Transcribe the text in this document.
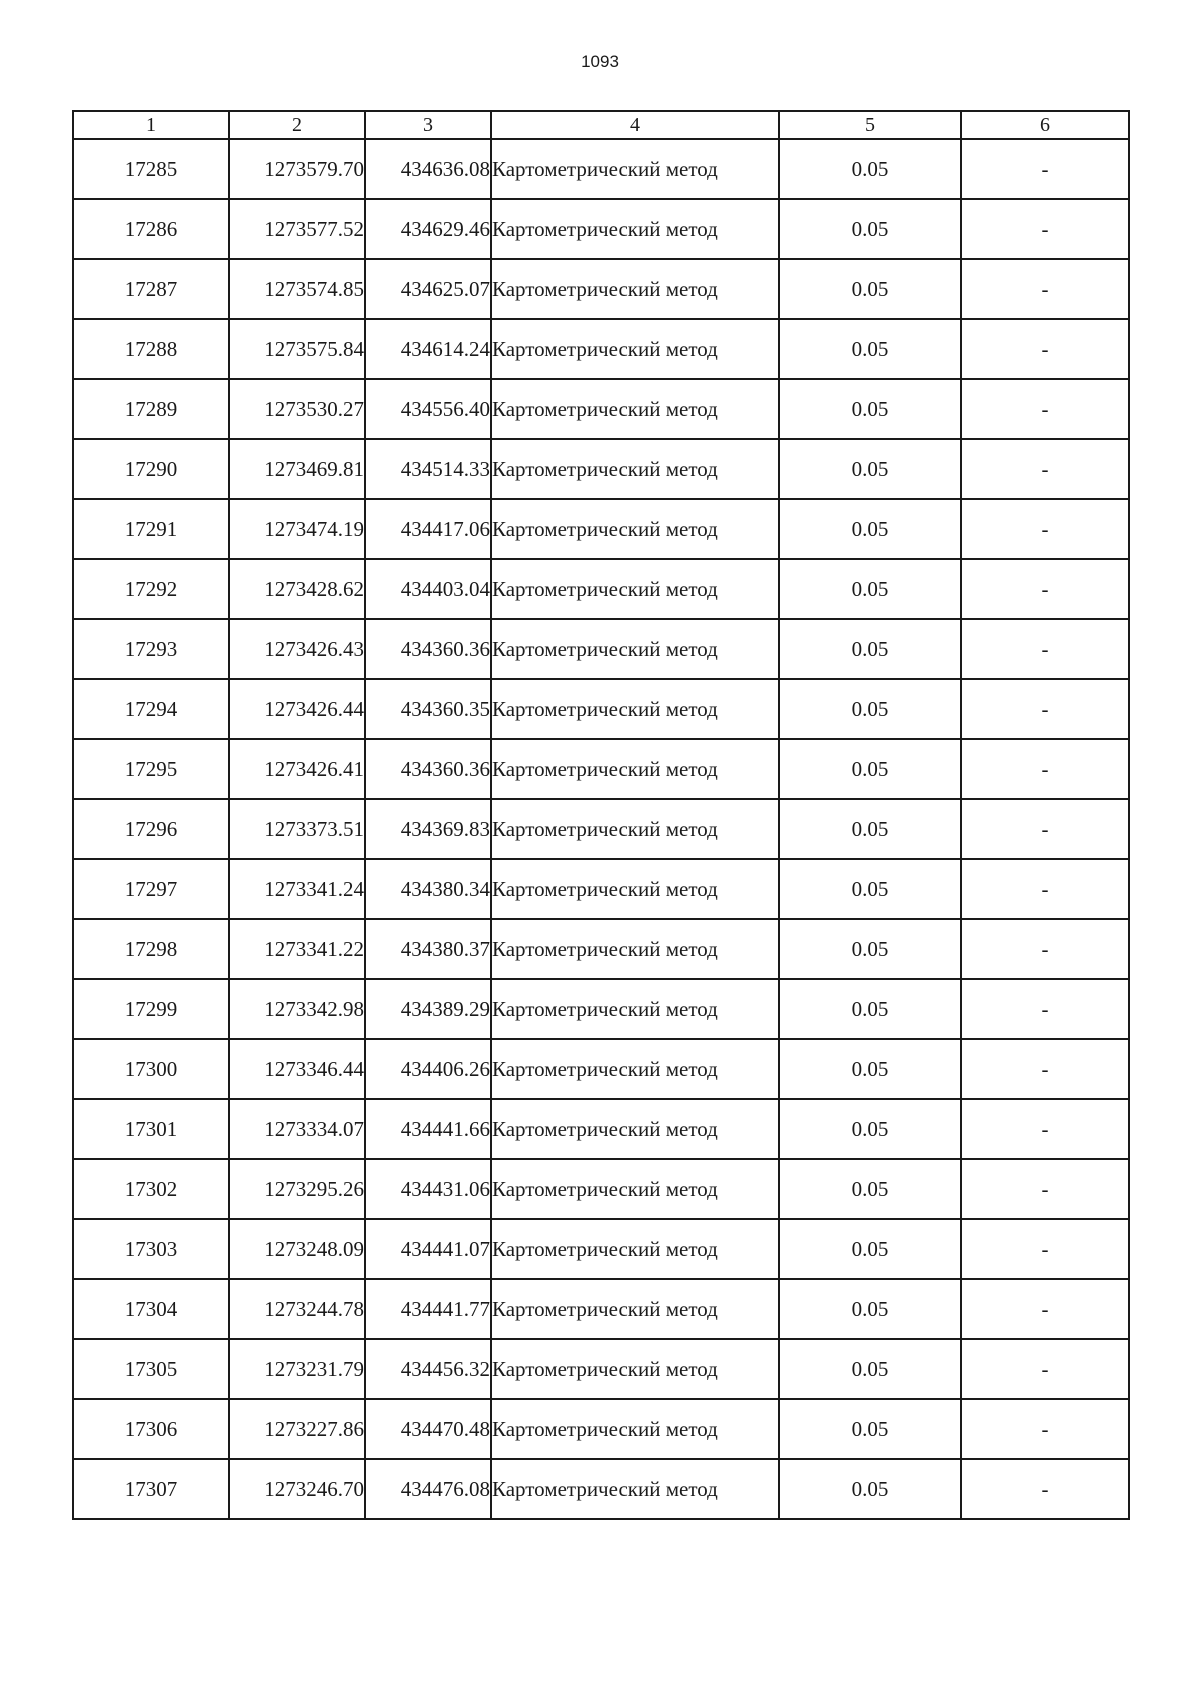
1093
1	2	3	4	5	6
17285	1273579.70	434636.08	Картометрический метод	0.05	-
17286	1273577.52	434629.46	Картометрический метод	0.05	-
17287	1273574.85	434625.07	Картометрический метод	0.05	-
17288	1273575.84	434614.24	Картометрический метод	0.05	-
17289	1273530.27	434556.40	Картометрический метод	0.05	-
17290	1273469.81	434514.33	Картометрический метод	0.05	-
17291	1273474.19	434417.06	Картометрический метод	0.05	-
17292	1273428.62	434403.04	Картометрический метод	0.05	-
17293	1273426.43	434360.36	Картометрический метод	0.05	-
17294	1273426.44	434360.35	Картометрический метод	0.05	-
17295	1273426.41	434360.36	Картометрический метод	0.05	-
17296	1273373.51	434369.83	Картометрический метод	0.05	-
17297	1273341.24	434380.34	Картометрический метод	0.05	-
17298	1273341.22	434380.37	Картометрический метод	0.05	-
17299	1273342.98	434389.29	Картометрический метод	0.05	-
17300	1273346.44	434406.26	Картометрический метод	0.05	-
17301	1273334.07	434441.66	Картометрический метод	0.05	-
17302	1273295.26	434431.06	Картометрический метод	0.05	-
17303	1273248.09	434441.07	Картометрический метод	0.05	-
17304	1273244.78	434441.77	Картометрический метод	0.05	-
17305	1273231.79	434456.32	Картометрический метод	0.05	-
17306	1273227.86	434470.48	Картометрический метод	0.05	-
17307	1273246.70	434476.08	Картометрический метод	0.05	-
